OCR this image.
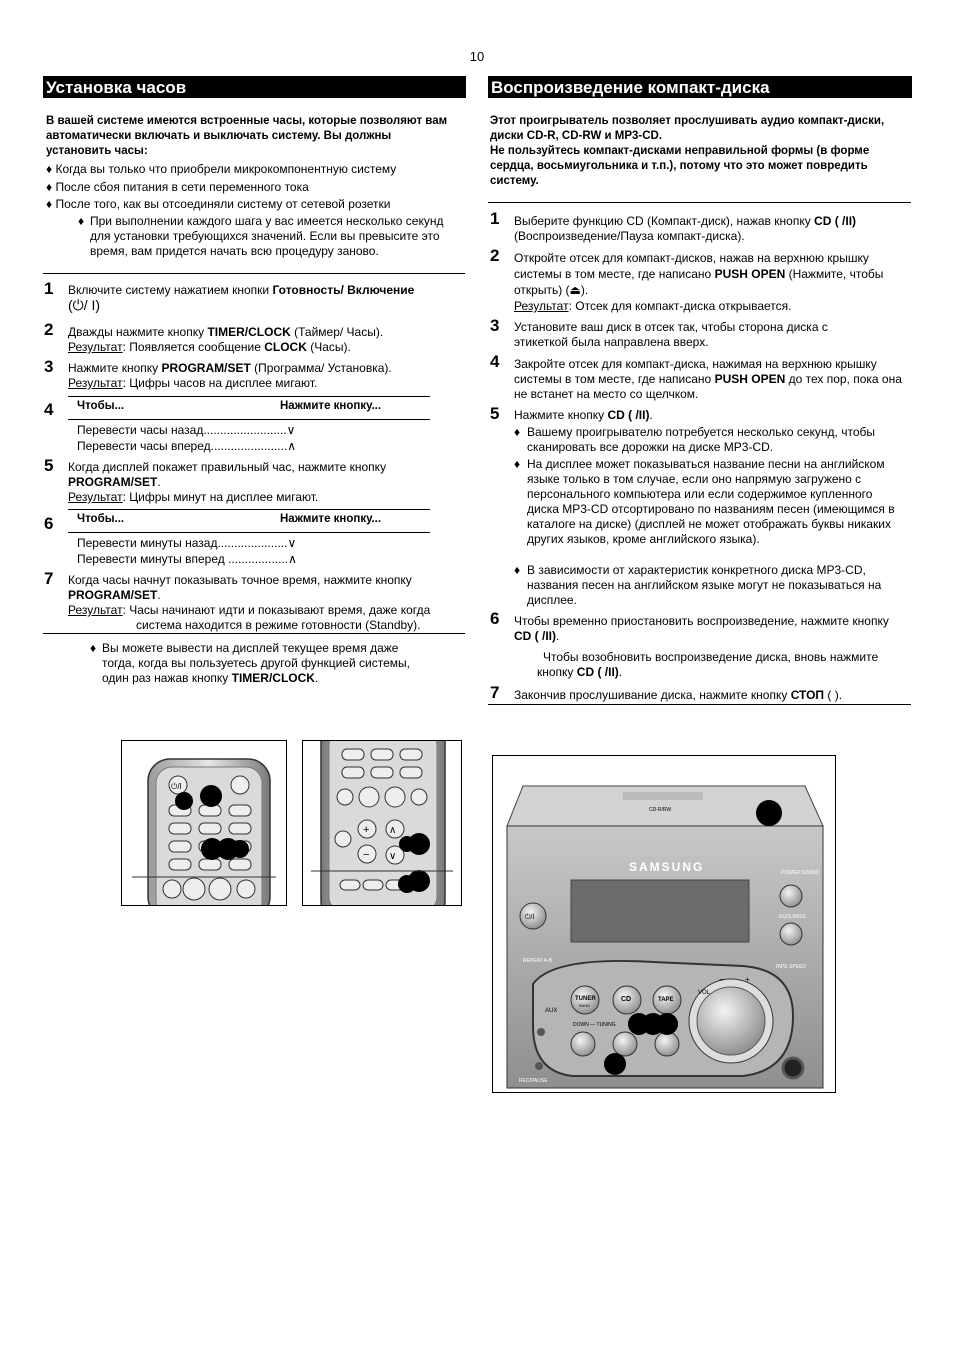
10
Установка часов
В вашей системе имеются встроенные часы, которые позволяют вам автоматически включать и выключать систему. Вы должны установить часы:
♦ Когда вы только что приобрели микрокомпонентную систему
♦ После сбоя питания в сети переменного тока
♦ После того, как вы отсоединяли систему от сетевой розетки
♦ При выполнении каждого шага у вас имеется несколько секунд для установки требующихся значений. Если вы превысите это время, вам придется начать всю процедуру заново.
1 Включите систему нажатием кнопки Готовность/ Включение
(⏻/ I)
2 Дважды нажмите кнопку TIMER/CLOCK (Таймер/ Часы).
Результат: Появляется сообщение CLOCK (Часы).
3 Нажмите кнопку PROGRAM/SET (Программа/ Установка).
Результат: Цифры часов на дисплее мигают.
4 Чтобы...	Нажмите кнопку...
Перевести часы назад.........................∨
Перевести часы вперед.......................∧
5 Когда дисплей покажет правильный час, нажмите кнопку
PROGRAM/SET.
Результат: Цифры минут на дисплее мигают.
6 Чтобы...	Нажмите кнопку...
Перевести минуты назад.....................∨
Перевести минуты вперед ..................∧
7 Когда часы начнут показывать точное время, нажмите кнопку
PROGRAM/SET.
Результат: Часы начинают идти и показывают время, даже когда
система находится в режиме готовности (Standby).
♦ Вы можете вывести на дисплей текущее время даже тогда, когда вы пользуетесь другой функцией системы, один раз нажав кнопку TIMER/CLOCK.
Воспроизведение компакт-диска
Этот проигрыватель позволяет прослушивать аудио компакт-диски, диски CD-R, CD-RW и MP3-CD.
Не пользуйтесь компакт-дисками неправильной формы (в форме сердца, восьмиугольника и т.п.), потому что это может повредить систему.
1 Выберите функцию CD (Компакт-диск), нажав кнопку CD ( /II) (Воспроизведение/Пауза компакт-диска).
2 Откройте отсек для компакт-дисков, нажав на верхнюю крышку системы в том месте, где написано PUSH OPEN (Нажмите, чтобы открыть) (⏏).
Результат: Отсек для компакт-диска открывается.
3 Установите ваш диск в отсек так, чтобы сторона диска с этикеткой была направлена вверх.
4 Закройте отсек для компакт-диска, нажимая на верхнюю крышку системы в том месте, где написано PUSH OPEN до тех пор, пока она не встанет на место со щелчком.
5 Нажмите кнопку CD ( /II).
♦ Вашему проигрывателю потребуется несколько секунд, чтобы сканировать все дорожки на диске MP3-CD.
♦ На дисплее может показываться название песни на английском языке только в том случае, если оно напрямую загружено с персонального компьютера или если содержимое купленного диска MP3-CD отсортировано по названиям песен (имеющимся в каталоге на диске) (дисплей не может отображать буквы никаких других языков, кроме английского языка).
♦ В зависимости от характеристик конкретного диска MP3-CD, названия песен на английском языке могут не показываться на дисплее.
6 Чтобы временно приостановить воспроизведение, нажмите кнопку CD ( /II).
Чтобы возобновить воспроизведение диска, вновь нажмите кнопку CD ( /II).
7 Закончив прослушивание диска, нажмите кнопку СТОП ( ).
⏻/I
+
−
∧
∨
CD-R/RW
SAMSUNG
⏻/I
POWER SOUND
EQ/S.BASS
REPEAT A-B
TAPE SPEED
VOL
−	+
TUNER
BAND
CD	TAPE
AUX
DOWN — TUNING
REC/PAUSE
